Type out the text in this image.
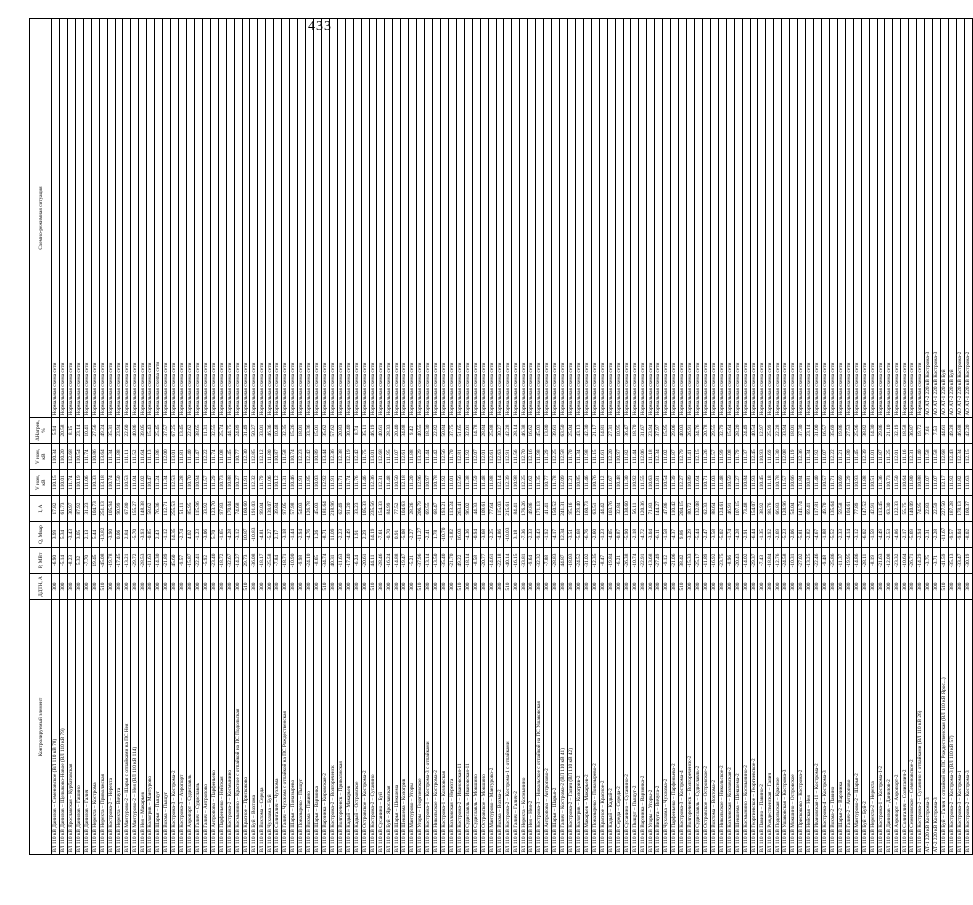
433
Контролируемый элемент	ДДТН, A	P, MBт	Q, Мвар	I, A	V ном, кВ	V ном, кВ	ΔНагрев, %	Схемно-режимная ситуация
ВЛ 110 кВ Данилов – Семеновское (ВЛ 110 кВ 78)	300	-6.90	3.99	17.82	110.15	110.34	5.94	Нормальная схема сети
ВЛ 110 кВ Данилов – Щелыково-Новое (ВЛ 110 кВ 79)	300	-5.14	5.34	61.73	110.01	110.20	20.58	Нормальная схема сети
ВЛ 110 кВ Ярославская – Курбатовская	380	-8.23	-3.43	30.97	111.74	112.68	8.15	Нормальная схема сети
ВЛ 110 кВ Данилов – Гашино	380	5.32	3.05	87.92	110.19	110.54	23.14	Нормальная схема сети
ВЛ 110 кВ Данилов – Галич	300	-7.70	2.13	31.23	111.06	111.74	10.41	Нормальная схема сети
ВЛ 110 кВ Нерехта – Кострома	380	19.45	5.44	104.73	110.33	110.86	27.56	Нормальная схема сети
ВЛ 110 кВ Нерехта – Приволжская	510	-45.08	-13.82	251.13	113.18	113.64	49.24	Нормальная схема сети
ВЛ 110 кВ Кострома-2 – Нерехта	300	-19.78	-3.90	105.94	110.74	111.34	35.31	Нормальная схема сети
ВЛ 110 кВ Нерехта – Вичуга	380	-17.45	0.06	90.99	111.50	111.88	23.94	Нормальная схема сети
ВЛ 110 кВ Мантурово-2 – Шарья с отпайками на ПС Нея	300	-13.21	2.84	67.80	110.53	111.11	22.60	Нормальная схема сети
ВЛ 110 кВ Мантурово-2 – Нея (ВЛ 110 кВ 114)	380	-29.72	-5.70	155.27	111.04	111.52	40.86	Нормальная схема сети
ВЛ 110 кВ Нея – Макарьев	380	-28.53	-3.93	148.38	111.02	111.64	39.05	Нормальная схема сети
ВЛ 110 кВ Кологрив – Мантурово	380	-11.63	-0.85	58.62	110.47	111.13	15.43	Нормальная схема сети
ВЛ 110 кВ Шарья – Пыщуг	300	-14.30	2.43	76.36	111.24	111.86	25.45	Нормальная схema сети
ВЛ 110 кВ Вохма – Пыщуг	300	-21.89	-1.12	112.71	111.34	112.00	37.57	Нормальная схема сети
ВЛ 110 кВ Кострома-3 – Кострома-2	380	45.60	14.35	255.53	112.53	113.01	67.25	Нормальная схема сети
ВЛ 110 кВ Кострома-3 – Аэропорт	380	-9.57	-2.74	51.11	111.28	111.81	13.45	Нормальная схема сети
ВЛ 110 кВ Аэропорт – Судиславль	380	-15.87	4.02	85.95	110.70	111.40	22.62	Нормальная схема сети
ВЛ 110 кВ Галич – Судиславль	300	-22.41	-1.23	115.96	110.94	111.47	38.65	Нормальная схема сети
ВЛ 110 кВ Галич – Антропово	300	-5.92	-3.06	33.92	111.57	112.22	11.31	Нормальная схема сети
ВЛ 110 кВ Антропово – Парфеньево	380	-23.40	5.70	123.70	111.29	111.74	32.55	Нормальная схема сети
ВЛ 110 кВ Парфеньево – Нейская	380	-18.72	-1.65	97.83	110.73	111.08	25.74	Нормальная схема сети
ВЛ 110 кВ Кострома-2 – Космынино	380	-32.67	-4.28	170.04	110.88	111.45	44.75	Нормальная схема сети
ВЛ 110 кВ Космынино – Красное с отпайкой на ПС Подольская	300	-14.27	-3.12	74.68	110.27	110.77	24.89	Нормальная схема сети
ВЛ 110 кВ Красное – Прискоково	510	29.73	10.87	160.60	111.91	112.30	31.49	Нормальная схема сети
ВЛ 110 кВ Буй – Вохтома	380	-36.08	-10.83	191.03	112.32	112.85	50.27	Нормальная схема сети
ВЛ 110 кВ Вохтома – Середа	300	-18.17	-4.81	99.04	111.79	112.12	33.01	Нормальная схема сети
ВЛ 110 кВ Чухлома – Буй	300	-25.58	-5.27	139.07	111.06	111.80	46.36	Нормальная схема сети
ВЛ 110 кВ Солигалич – Чухлома	380	-7.84	2.17	39.84	110.12	110.87	10.48	Нормальная схема сети
ВЛ 110 кВ Галич – Чухлома с отпайкой на ПС Рождественская	300	-18.71	-3.18	97.05	111.31	111.58	32.35	Нормальная схема сети
ВЛ 110 кВ Шарья – Поназырево	380	-10.90	-1.44	57.98	110.46	110.74	15.26	Нормальная схема сети
ВЛ 110 кВ Поназырево – Пыщуг	300	-9.98	-2.94	54.03	111.91	112.23	18.01	Нормальная схема сети
ВЛ 110 кВ Вохма – Павино	380	-24.10	-4.76	126.78	111.85	112.42	33.36	Нормальная схема сети
ВЛ 110 кВ Шарья – Варзинка	300	-8.65	1.26	45.03	110.03	110.89	15.01	Нормальная схема сети
ВЛ 110 кВ Варзинка – Кировская-2	510	-34.74	-8.71	181.64	112.92	113.44	35.62	Нормальная схема сети
ВЛ 110 кВ Кострома-2 – Волгореченск	380	40.31	11.09	218.96	111.91	112.36	57.62	Нормальная схема сети
ВЛ 110 кВ Волгореченск – Приволжская	300	-11.63	-2.23	62.49	111.71	112.38	20.83	Нормальная схема сети
ВЛ 110 кВ Кадый – Макарьев	300	-17.40	-4.49	91.20	111.74	112.19	30.40	Нормальная схема сети
ВЛ 110 кВ Кадый – Островское	380	-6.24	1.91	33.23	111.76	112.42	8.74	Нормальная схема сети
ВЛ 110 кВ Островское – Кострома-2	300	-20.61	2.29	105.33	111.46	111.75	35.11	Нормальная схема сети
ВЛ 110 кВ Кострома-2 – Сусанино	510	44.11	14.19	235.56	112.36	113.01	46.19	Нормальная схема сети
ВЛ 110 кВ Сусанино – Буй	380	-28.46	-7.61	154.33	112.31	112.68	40.61	Нормальная схема сети
ВЛ 110 кВ Буй – Ярославская	300	-16.24	-0.70	84.99	111.48	111.95	28.33	Нормальная схема сети
ВЛ 110 кВ Шарья – Шекшема	380	-14.88	0.91	77.52	110.50	111.07	20.40	Нормальная схема сети
ВЛ 110 кВ Шекшема – Кологрив	300	-19.47	-5.08	104.63	112.18	112.61	34.88	Нормальная схема сети
ВЛ 110 кВ Мантурово – Угоры	300	-5.21	-2.27	28.26	111.20	111.88	9.42	Нормальная схема сети
ВЛ 110 кВ Угоры – Георгиевское	510	-37.96	-11.27	206.79	112.96	113.29	40.55	Нормальная схема сети
ВЛ 110 кВ Кострома-1 – Кострома-3 с отпайками	380	-13.14	-2.41	69.55	110.97	111.44	18.30	Нормальная схема сети
ВЛ 110 кВ Никольское – Кострома-2	300	-13.50	1.78	68.47	110.78	111.42	22.82	Нормальная схема сети
ВЛ 110 кВ Кострома-1 – Козловская	380	-35.40	-10.70	193.21	111.92	112.56	50.84	Нормальная схема сети
ВЛ 110 кВ Козловская – Нерехта	300	-21.70	-1.82	113.24	111.01	111.70	37.75	Нормальная схема сети
ВЛ 110 кВ Кострома-2 – Ивановская-11	510	49.22	16.03	263.41	112.56	112.81	51.65	Нормальная схема сети
ВЛ 110 кВ Судиславль – Ивановская-11	300	-18.14	-4.36	96.02	111.38	111.92	32.01	Нормальная схема сети
ВЛ 110 кВ Судиславль – Мокшино	300	-8.58	-0.94	44.33	111.59	112.07	14.78	Нормальная схема сети
ВЛ 110 кВ Островское – Мокшино	380	-20.77	-3.68	109.61	111.48	112.01	28.84	Нормальная схема сети
ВЛ 110 кВ Мантурово – Мантурово-2	300	-14.61	-2.25	77.64	111.88	112.61	25.88	Нормальная схема сети
ВЛ 110 кВ Вохма – Вохма-2	380	-22.18	-4.86	115.03	112.14	112.63	30.27	Нормальная схема сети
ВЛ 110 кВ Кострома-2 – Кострома-1 с отпайками	510	-40.14	-10.03	215.61	112.39	112.91	42.28	Нормальная схема сети
ВЛ 110 кВ Галич – Галич-2	300	-16.15	3.18	84.41	110.98	111.56	28.14	Нормальная схема сети
ВЛ 110 кВ Нерехта – Космынино	380	-33.81	-7.36	176.26	112.25	112.70	46.38	Нормальная схема сети
ВЛ 110 кВ Нея – Нея-2	300	-9.64	-2.33	49.86	111.62	112.16	16.62	Нормальная схема сети
ВЛ 110 кВ Кострома-3 – Никольское с отпайкой на ПС Ушаковская	380	-32.32	-9.43	171.13	111.35	111.98	45.03	Нормальная схема сети
ВЛ 110 кВ Антропово – Антропово-2	300	-7.88	-1.92	41.41	110.77	111.29	13.80	Нормальная схема сети
ВЛ 110 кВ Шарья – Шарья-2	380	-28.83	-4.17	150.52	111.78	112.25	39.61	Нормальная схема сети
ВЛ 110 кВ Галич – Кострома-2 (ВЛ 110 кВ 41)	380	44.87	12.34	241.31	112.09	112.58	63.50	Нормальная схема сети
ВЛ 110 кВ Кострома-2 – Галич (ВЛ 110 кВ 42)	380	-18.03	-3.51	95.16	111.21	111.70	25.04	Нормальная схема сети
ВЛ 110 кВ Кологрив – Кологрив-2	300	-24.52	-5.68	129.40	110.85	111.34	43.13	Нормальная схема сети
ВЛ 110 кВ Макарьев – Макарьев-2	380	-31.02	-6.76	160.73	111.46	111.98	42.30	Нормальная схема сети
ВЛ 110 кВ Поназырево – Поназырево-2	300	-12.35	-2.60	63.51	110.76	111.15	21.17	Нормальная схема сети
ВЛ 110 кВ Красное – Красное-2	300	-8.47	-1.23	44.42	111.12	111.61	14.81	Нормальная схема сети
ВЛ 110 кВ Кадый – Кадый-2	380	-19.84	-4.05	103.76	111.67	112.20	27.31	Нормальная схема сети
ВЛ 110 кВ Середа – Середа-2	300	-6.21	-0.87	32.84	110.48	110.97	10.95	Нормальная схема сети
ВЛ 110 кВ Сусанино – Сусанино-2	380	-26.38	-5.90	138.60	111.30	111.82	36.47	Нормальная схема сети
ВЛ 110 кВ Пыщуг – Пыщуг-2	300	-10.74	-2.18	56.11	110.92	111.44	18.70	Нормальная схема сети
ВЛ 110 кВ Варзинка – Варзинка-2	380	-22.91	-4.72	120.36	111.55	112.06	31.67	Нормальная схема сети
ВЛ 110 кВ Угоры – Угоры-2	300	-13.68	-3.04	71.83	110.63	111.18	23.94	Нормальная схема сети
ВЛ 110 кВ Вичуга – Вичуга-2	380	-27.49	-6.11	144.27	111.81	112.34	37.97	Нормальная схема сети
ВЛ 110 кВ Чухлома – Чухлома-2	300	-9.12	-1.58	47.86	110.54	111.02	15.95	Нормальная схема сети
ВЛ 110 кВ Парфеньево – Парфеньево-2	380	-21.06	-4.37	110.42	111.39	111.87	29.06	Нормальная схема сети
ВЛ 110 кВ Кострома-3 – Кострома-4	510	38.42	9.86	204.15	112.27	112.79	40.03	Нормальная схема сети
ВЛ 110 кВ Волгореченск – Волгореченск-2	300	-15.33	-3.29	80.72	110.89	111.41	26.91	Нормальная схема сети
ВЛ 110 кВ Судиславль – Судиславль-2	380	-25.17	-5.44	132.08	111.64	112.15	34.76	Нормальная схема сети
ВЛ 110 кВ Островское – Островское-2	300	-11.89	-2.47	62.33	110.71	111.26	20.78	Нормальная схема сети
ВЛ 110 кВ Вохтома – Вохтома-2	300	-16.92	-3.58	88.64	111.03	111.57	29.55	Нормальная схема сети
ВЛ 110 кВ Никольское – Никольское-2	380	-23.75	-5.02	124.61	111.48	111.99	32.79	Нормальная схема сети
ВЛ 110 кВ Козловская – Козловская-2	300	-8.96	-1.74	46.91	110.59	111.08	15.64	Нормальная схема сети
ВЛ 110 кВ Шекшема – Шекшема-2	380	-20.43	-4.28	107.15	111.27	111.79	28.20	Нормальная схема сети
ВЛ 110 кВ Космынино – Космынино-2	300	-14.02	-2.91	73.48	110.84	111.37	24.49	Нормальная схема сети
ВЛ 110 кВ Георгиевское – Георгиевское-2	380	-29.37	-6.44	154.07	111.93	112.45	40.54	Нормальная схема сети
ВЛ 110 кВ Павино – Павино-2	300	-7.43	-1.35	38.92	110.45	110.93	12.97	Нормальная схема сети
ВЛ 110 кВ Рождественская – Галич	380	-18.84	-3.92	98.76	111.18	111.69	25.99	Нормальная схема сети
ВЛ 110 кВ Подольская – Красное	300	-12.76	-2.69	66.83	110.78	111.30	22.28	Нормальная схема сети
ВЛ 110 кВ Ушаковская – Кострома-3	380	-24.58	-5.23	128.96	111.57	112.08	33.94	Нормальная схема сети
ВЛ 110 кВ Мокшино – Островское	300	-10.31	-2.06	54.04	110.66	111.19	18.01	Нормальная схема сети
ВЛ 110 кВ Прискоково – Кострома-2	380	-27.02	-5.81	141.74	111.84	112.36	37.30	Нормальная схема сети
ВЛ 110 кВ Нейская – Нея	300	-13.25	-2.82	69.41	110.81	111.34	23.14	Нормальная схема сети
ВЛ 110 кВ Ивановская-11 – Кострома-2	380	-22.46	-4.67	117.81	111.40	111.92	31.00	Нормальная схема сети
ВЛ 110 кВ Кострома-4 – Кострома-3	300	-9.48	-1.88	49.70	110.57	111.07	16.57	Нормальная схема сети
ВЛ 110 кВ Вохма-2 – Павино	380	-25.86	-5.52	135.64	111.71	112.22	35.69	Нормальная схема сети
ВЛ 110 кВ Шарья-2 – Варзинка	300	-11.37	-2.33	59.58	110.69	111.21	19.86	Нормальная схема сети
ВЛ 110 кВ Галич-2 – Антропово	380	-19.95	-4.14	104.61	111.29	111.80	27.53	Нормальная схема сети
ВЛ 110 кВ Мантурово-2 – Шарья-2	300	-14.86	-3.12	77.89	110.93	111.45	25.96	Нормальная схема сети
ВЛ 110 кВ Буй – Буй-2	380	-28.11	-6.02	147.52	111.88	112.39	38.82	Нормальная схема сети
ВЛ 110 кВ Нерехта-2 – Нерехта	300	-8.19	-1.59	42.91	110.51	111.01	14.30	Нормальная схема сети
ВЛ 110 кВ Кострома-1 – Кострома-1-2	380	-21.63	-4.49	113.45	111.36	111.87	29.86	Нормальная схема сети
ВЛ 110 кВ Данилов – Данилов-2	300	-12.08	-2.53	63.30	110.73	111.25	21.10	Нормальная схема сети
ВЛ 110 кВ Аэропорт – Аэропорт-2	380	-23.32	-4.86	122.33	111.50	112.01	32.19	Нормальная схема сети
ВЛ 110 кВ Солигалич – Солигалич-2	300	-10.64	-2.17	55.75	110.64	111.16	18.58	Нормальная схема сети
ВЛ 110 кВ Семеновское – Семеновское-2	380	-26.71	-5.69	140.09	111.80	112.31	36.87	Нормальная схема сети
ВЛ 110 кВ Кострома-2 – Сусанино с отпайками (ВЛ 110 кВ 26)	380	-14.29	-2.94	74.95	110.88	111.40	19.72	Нормальная схема сети
АТ-1 220 кВ Кострома-3	300	-3.75	-2.31	22.83	111.07	111.58	7.61	АО АТ-2 220 кВ Кострома-3
АТ-2 220 кВ Кострома-3	300	-3.71	-2.28	22.59	111.07	111.58	7.53	АО АТ-1 220 кВ Кострома-3
ВЛ 110 кВ Буй – Галич с отпайкой на ПС Рождественская (ВЛ 110 кВ Ярос...)	510	-41.59	-11.67	227.50	112.17	112.68	44.61	АО АТ-1 220 кВ Буй
ВЛ 110 кВ Кострома-2 – Кострома-3 (ВЛ 110 кВ 57)	380	-35.13	-9.57	187.28	111.92	112.43	49.28	АО АТ-2 220 кВ Буй
ВЛ 110 кВ Кострома-3 – Кострома-1	380	-33.47	-9.04	178.13	111.82	112.34	46.88	АО АТ-2 220 кВ Кострома-2
ВЛ 110 кВ Кострома-2 – Кострома-3	380	-30.19	-8.02	160.37	111.63	112.15	42.20	АО АТ-1 220 кВ Кострома-2
